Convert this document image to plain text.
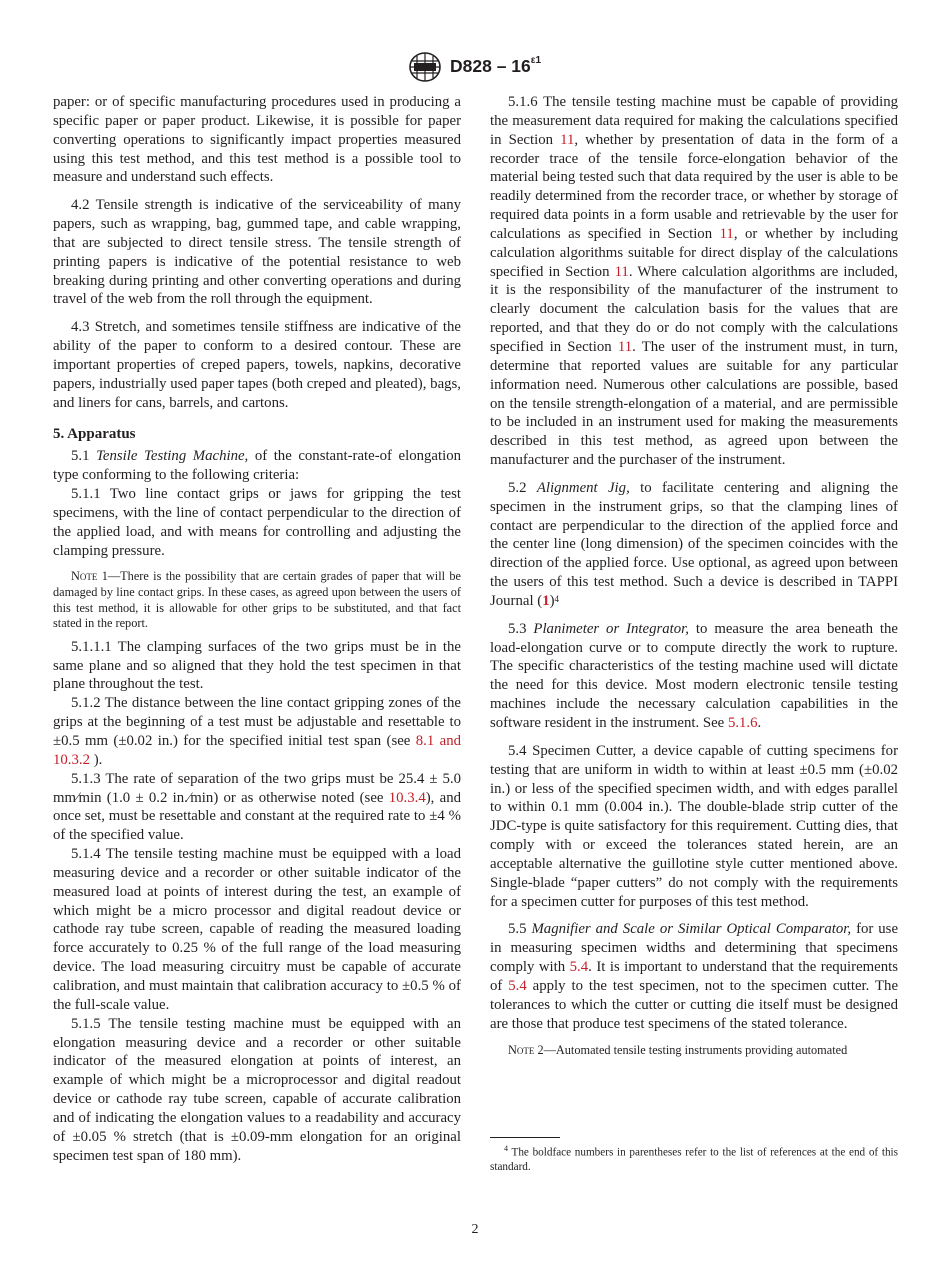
$D828 - 16^{\varepsilon 1}$

paper: or of specific manufacturing procedures used in producing a specific paper or paper product. Likewise, it is possible for paper converting operations to significantly impact properties measured using this test method, and this test method is a possible tool to measure and understand such effects.

4.2 Tensile strength is indicative of the serviceability of many papers, such as wrapping, bag, gummed tape, and cable wrapping, that are subjected to direct tensile stress. The tensile strength of printing papers is indicative of the potential resistance to web breaking during printing and other converting operations and during travel of the web from the roll through the equipment.

4.3 Stretch, and sometimes tensile stiffness are indicative of the ability of the paper to conform to a desired contour. These are important properties of creped papers, towels, napkins, decorative papers, industrially used paper tapes (both creped and pleated), bags, and liners for cans, barrels, and cartons.

5. Apparatus

5.1 Tensile Testing Machine, of the constant-rate-of elongation type conforming to the following criteria:

5.1.1 Two line contact grips or jaws for gripping the test specimens, with the line of contact perpendicular to the direction of the applied load, and with means for controlling and adjusting the clamping pressure.

Note 1—There is the possibility that are certain grades of paper that will be damaged by line contact grips. In these cases, as agreed upon between the users of this test method, it is allowable for other grips to be substituted, and that fact stated in the report.

5.1.1.1 The clamping surfaces of the two grips must be in the same plane and so aligned that they hold the test specimen in that plane throughout the test.

5.1.2 The distance between the line contact gripping zones of the grips at the beginning of a test must be adjustable and resettable to ±0.5 mm (±0.02 in.) for the specified initial test span (see 8.1 and 10.3.2 ).

5.1.3 The rate of separation of the two grips must be 25.4 ± 5.0 mm⁄min (1.0 ± 0.2 in.⁄min) or as otherwise noted (see 10.3.4), and once set, must be resettable and constant at the required rate to ±4 % of the specified value.

5.1.4 The tensile testing machine must be equipped with a load measuring device and a recorder or other suitable indicator of the measured load at points of interest during the test, an example of which might be a micro processor and digital readout device or cathode ray tube screen, capable of reading the measured loading force accurately to 0.25 % of the full range of the load measuring device. The load measuring circuitry must be capable of accurate calibration, and must maintain that calibration accuracy to ±0.5 % of the full-scale value.

5.1.5 The tensile testing machine must be equipped with an elongation measuring device and a recorder or other suitable indicator of the measured elongation at points of interest, an example of which might be a microprocessor and digital readout device or cathode ray tube screen, capable of accurate calibration and of indicating the elongation values to a readability and accuracy of ±0.05 % stretch (that is ±0.09-mm elongation for an original specimen test span of 180 mm).

5.1.6 The tensile testing machine must be capable of providing the measurement data required for making the calculations specified in Section 11, whether by presentation of data in the form of a recorder trace of the tensile force-elongation behavior of the material being tested such that data required by the user is able to be readily determined from the recorder trace, or whether by storage of required data points in a form usable and retrievable by the user for calculations as specified in Section 11, or whether by including calculation algorithms suitable for direct display of the calculations specified in Section 11. Where calculation algorithms are included, it is the responsibility of the manufacturer of the instrument to clearly document the calculation basis for the values that are reported, and that they do or do not comply with the calculations specified in Section 11. The user of the instrument must, in turn, determine that reported values are suitable for any particular information need. Numerous other calculations are possible, based on the tensile strength-elongation of a material, and are permissible to be included in an instrument used for making the measurements described in this test method, as agreed upon between the manufacturer and the purchaser of the instrument.

5.2 Alignment Jig, to facilitate centering and aligning the specimen in the instrument grips, so that the clamping lines of contact are perpendicular to the direction of the applied force and the center line (long dimension) of the specimen coincides with the direction of the applied force. Use optional, as agreed upon between the users of this test method. Such a device is described in TAPPI Journal (1)$^4$

5.3 Planimeter or Integrator, to measure the area beneath the load-elongation curve or to compute directly the work to rupture. The specific characteristics of the testing machine used will dictate the need for this device. Most modern electronic tensile testing machines include the necessary calculation capabilities in the software resident in the instrument. See 5.1.6.

5.4 Specimen Cutter, a device capable of cutting specimens for testing that are uniform in width to within at least ±0.5 mm (±0.02 in.) or less of the specified specimen width, and with edges parallel to within 0.1 mm (0.004 in.). The double-blade strip cutter of the JDC-type is quite satisfactory for this requirement. Cutting dies, that comply with or exceed the tolerances stated herein, are an acceptable alternative the guillotine style cutter mentioned above. Single-blade “paper cutters” do not comply with the requirements for a specimen cutter for purposes of this test method.

5.5 Magnifier and Scale or Similar Optical Comparator, for use in measuring specimen widths and determining that specimens comply with 5.4. It is important to understand that the requirements of 5.4 apply to the test specimen, not to the specimen cutter. The tolerances to which the cutter or cutting die itself must be designed are those that produce test specimens of the stated tolerance.

Note 2—Automated tensile testing instruments providing automated

$^4$ The boldface numbers in parentheses refer to the list of references at the end of this standard.
2
